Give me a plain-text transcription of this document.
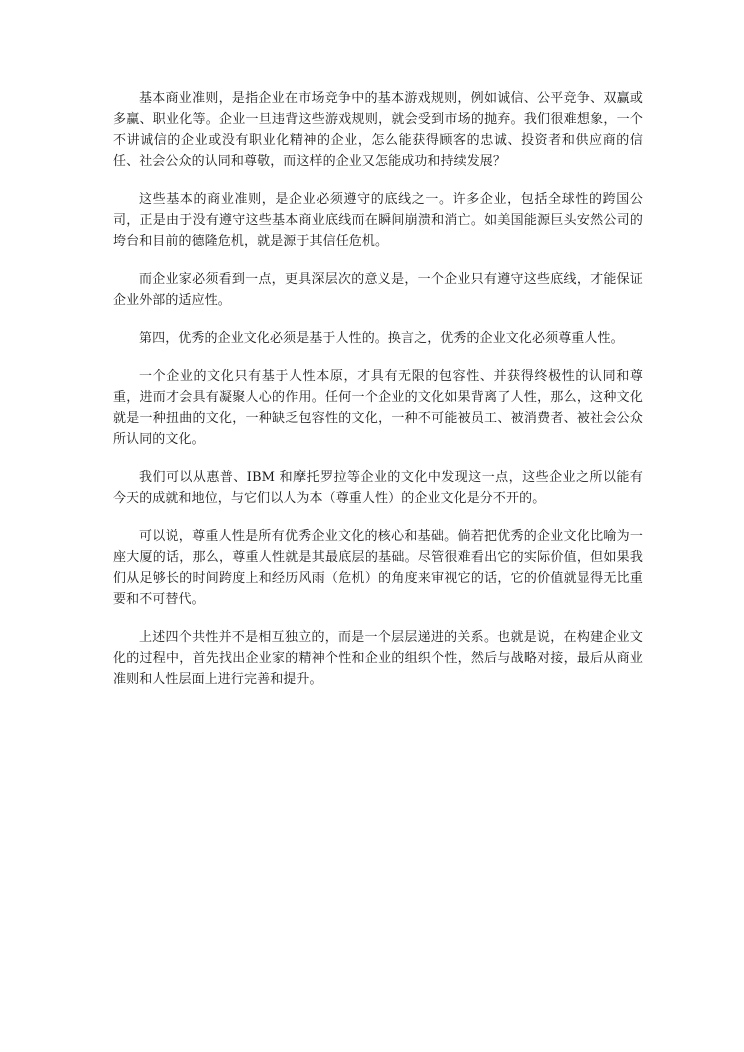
基本商业准则，是指企业在市场竞争中的基本游戏规则，例如诚信、公平竞争、双赢或多赢、职业化等。企业一旦违背这些游戏规则，就会受到市场的抛弃。我们很难想象，一个不讲诚信的企业或没有职业化精神的企业，怎么能获得顾客的忠诚、投资者和供应商的信任、社会公众的认同和尊敬，而这样的企业又怎能成功和持续发展？

这些基本的商业准则，是企业必须遵守的底线之一。许多企业，包括全球性的跨国公司，正是由于没有遵守这些基本商业底线而在瞬间崩溃和消亡。如美国能源巨头安然公司的垮台和目前的德隆危机，就是源于其信任危机。

而企业家必须看到一点，更具深层次的意义是，一个企业只有遵守这些底线，才能保证企业外部的适应性。

第四，优秀的企业文化必须是基于人性的。换言之，优秀的企业文化必须尊重人性。

一个企业的文化只有基于人性本原，才具有无限的包容性、并获得终极性的认同和尊重，进而才会具有凝聚人心的作用。任何一个企业的文化如果背离了人性，那么，这种文化就是一种扭曲的文化，一种缺乏包容性的文化，一种不可能被员工、被消费者、被社会公众所认同的文化。

我们可以从惠普、IBM 和摩托罗拉等企业的文化中发现这一点，这些企业之所以能有今天的成就和地位，与它们以人为本（尊重人性）的企业文化是分不开的。

可以说，尊重人性是所有优秀企业文化的核心和基础。倘若把优秀的企业文化比喻为一座大厦的话，那么，尊重人性就是其最底层的基础。尽管很难看出它的实际价值，但如果我们从足够长的时间跨度上和经历风雨（危机）的角度来审视它的话，它的价值就显得无比重要和不可替代。

上述四个共性并不是相互独立的，而是一个层层递进的关系。也就是说，在构建企业文化的过程中，首先找出企业家的精神个性和企业的组织个性，然后与战略对接，最后从商业准则和人性层面上进行完善和提升。
